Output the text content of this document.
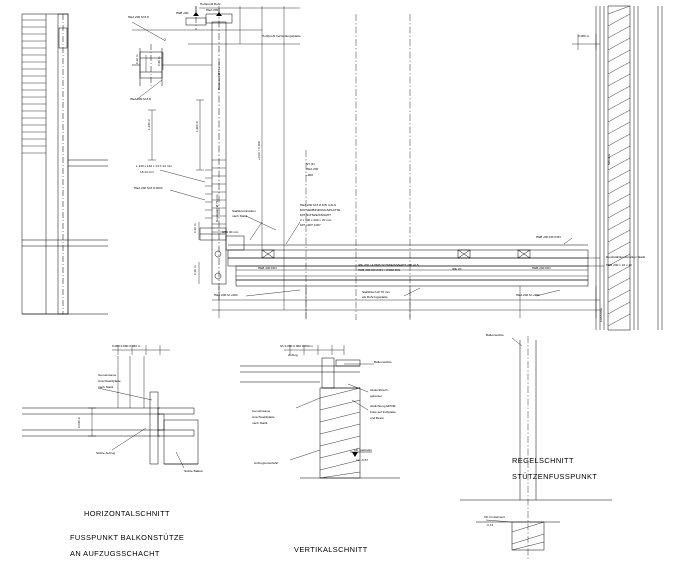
HEA 200 M 8.8
2
HEB 200
HEA 200
Hohlprofil Rohr
Hohlprofil Verbindungsplatte	0.080 m
0.10 m	0.60 m
HEA 200 M 8.8
Rundstahl Ø 76 mm
1.240 m	1.900 m
+0.00 = 0.000
ST (F)
HEA 200
+900
L 140 x 140 x 14 K 12 mm
18 13 mm
HEA 200 M 8.8 0004
HEA 200 M 8.8 DIN 4 ALS
DIN VERBINDUNGSPLATTE
MIT SCHWEISSNAHT
Stahlkonstruktion
nach Statik
2 x 400 x 200 x 20 mm
MIT 1007 1007
Rundstahl Ø 76 mm
9/50 30 mm
0.10 m
HEB 200 DIN DIN
Rundstahlkonstruktion Statik
HEB 200 x 10 x 10
0.10 m	HEB 200 DIN
IPE 200 / 4 HEB SCHWEISSNAHT 200 ALS
HEB 200 DIN DIN = 8/300 DIN	IPE 20	HEB 200 DIN
HEA 200 M +900
Stahlblech Ø 76 mm
als Rohrzugsplatte	HEA 200 M +900
FASSADE
MAUER
0.080 0.080 0.080 m
Gemeinsame
Anschweißplatte
nach Statik
0.030 m
Stütze Aufzug
Stütze Balkon
Sh 0.080 0.080 0.080 m
Aufzug
Balkonstütze
Abdeckblech
gekantet
Abdichtung EPDM-
Folie auf Fußplatte
und Beton
Gemeinsame
Anschweißplatte
nach Statik
Aufzugsunterfahrt
OK Geländer
ca. -0,67
Balkonstütze
OK Fundament
-3,74
HORIZONTALSCHNITT
FUSSPUNKT BALKONSTÜTZE
AN AUFZUGSSCHACHT	VERTIKALSCHNITT
REGELSCHNITT
STÜTZENFUSSPUNKT
